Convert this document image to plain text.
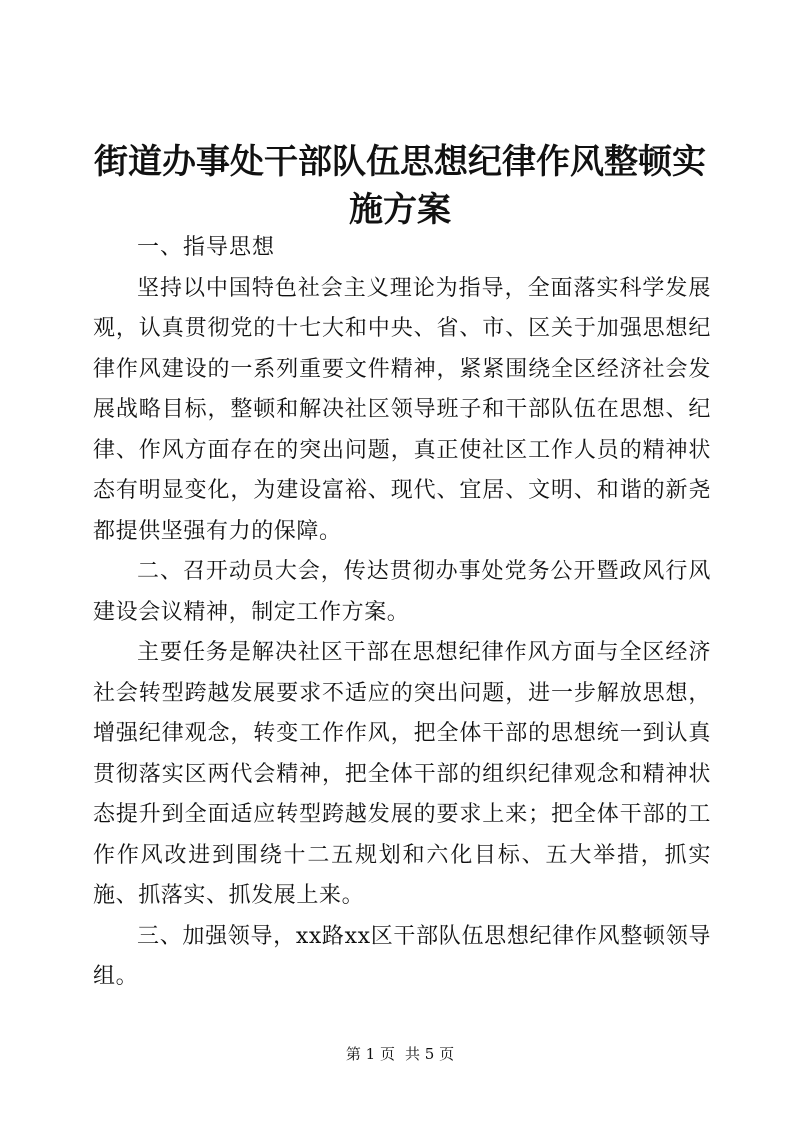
街道办事处干部队伍思想纪律作风整顿实施方案

一、指导思想

坚持以中国特色社会主义理论为指导，全面落实科学发展观，认真贯彻党的十七大和中央、省、市、区关于加强思想纪律作风建设的一系列重要文件精神，紧紧围绕全区经济社会发展战略目标，整顿和解决社区领导班子和干部队伍在思想、纪律、作风方面存在的突出问题，真正使社区工作人员的精神状态有明显变化，为建设富裕、现代、宜居、文明、和谐的新尧都提供坚强有力的保障。

二、召开动员大会，传达贯彻办事处党务公开暨政风行风建设会议精神，制定工作方案。

主要任务是解决社区干部在思想纪律作风方面与全区经济社会转型跨越发展要求不适应的突出问题，进一步解放思想，增强纪律观念，转变工作作风，把全体干部的思想统一到认真贯彻落实区两代会精神，把全体干部的组织纪律观念和精神状态提升到全面适应转型跨越发展的要求上来；把全体干部的工作作风改进到围绕十二五规划和六化目标、五大举措，抓实施、抓落实、抓发展上来。

三、加强领导，xx路xx区干部队伍思想纪律作风整顿领导组。

第 1 页 共 5 页
